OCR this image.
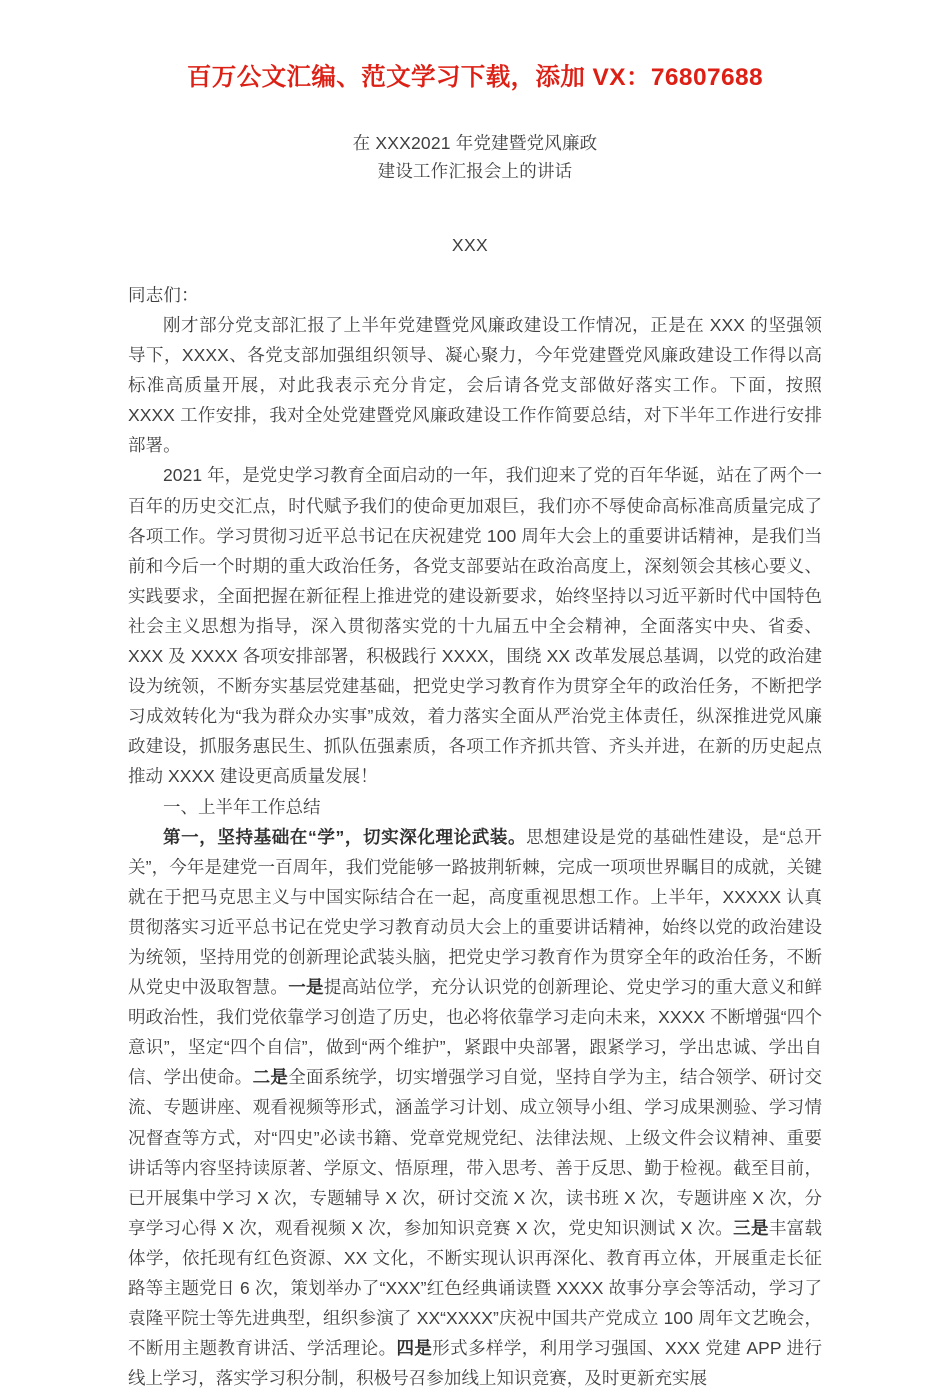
百万公文汇编、范文学习下载，添加 VX：76807688
在 XXX2021 年党建暨党风廉政
建设工作汇报会上的讲话
XXX
同志们：

刚才部分党支部汇报了上半年党建暨党风廉政建设工作情况，正是在 XXX 的坚强领导下，XXXX、各党支部加强组织领导、凝心聚力，今年党建暨党风廉政建设工作得以高标准高质量开展，对此我表示充分肯定，会后请各党支部做好落实工作。下面，按照 XXXX 工作安排，我对全处党建暨党风廉政建设工作作简要总结，对下半年工作进行安排部署。

2021 年，是党史学习教育全面启动的一年，我们迎来了党的百年华诞，站在了两个一百年的历史交汇点，时代赋予我们的使命更加艰巨，我们亦不辱使命高标准高质量完成了各项工作。学习贯彻习近平总书记在庆祝建党 100 周年大会上的重要讲话精神，是我们当前和今后一个时期的重大政治任务，各党支部要站在政治高度上，深刻领会其核心要义、实践要求，全面把握在新征程上推进党的建设新要求，始终坚持以习近平新时代中国特色社会主义思想为指导，深入贯彻落实党的十九届五中全会精神，全面落实中央、省委、XXX 及 XXXX 各项安排部署，积极践行 XXXX，围绕 XX 改革发展总基调，以党的政治建设为统领，不断夯实基层党建基础，把党史学习教育作为贯穿全年的政治任务，不断把学习成效转化为“我为群众办实事”成效，着力落实全面从严治党主体责任，纵深推进党风廉政建设，抓服务惠民生、抓队伍强素质，各项工作齐抓共管、齐头并进，在新的历史起点推动 XXXX 建设更高质量发展！

一、上半年工作总结

第一，坚持基础在“学”，切实深化理论武装。思想建设是党的基础性建设，是“总开关”，今年是建党一百周年，我们党能够一路披荆斩棘，完成一项项世界瞩目的成就，关键就在于把马克思主义与中国实际结合在一起，高度重视思想工作。上半年，XXXXX 认真贯彻落实习近平总书记在党史学习教育动员大会上的重要讲话精神，始终以党的政治建设为统领，坚持用党的创新理论武装头脑，把党史学习教育作为贯穿全年的政治任务，不断从党史中汲取智慧。一是提高站位学，充分认识党的创新理论、党史学习的重大意义和鲜明政治性，我们党依靠学习创造了历史，也必将依靠学习走向未来，XXXX 不断增强“四个意识”，坚定“四个自信”，做到“两个维护”，紧跟中央部署，跟紧学习，学出忠诚、学出自信、学出使命。二是全面系统学，切实增强学习自觉，坚持自学为主，结合领学、研讨交流、专题讲座、观看视频等形式，涵盖学习计划、成立领导小组、学习成果测验、学习情况督查等方式，对“四史”必读书籍、党章党规党纪、法律法规、上级文件会议精神、重要讲话等内容坚持读原著、学原文、悟原理，带入思考、善于反思、勤于检视。截至目前，已开展集中学习 X 次，专题辅导 X 次，研讨交流 X 次，读书班 X 次，专题讲座 X 次，分享学习心得 X 次，观看视频 X 次，参加知识竞赛 X 次，党史知识测试 X 次。三是丰富载体学，依托现有红色资源、XX 文化，不断实现认识再深化、教育再立体，开展重走长征路等主题党日 6 次，策划举办了“XXX”红色经典诵读暨 XXXX 故事分享会等活动，学习了袁隆平院士等先进典型，组织参演了 XX“XXXX”庆祝中国共产党成立 100 周年文艺晚会，不断用主题教育讲活、学活理论。四是形式多样学，利用学习强国、XXX 党建 APP 进行线上学习，落实学习积分制，积极号召参加线上知识竞赛，及时更新充实展
